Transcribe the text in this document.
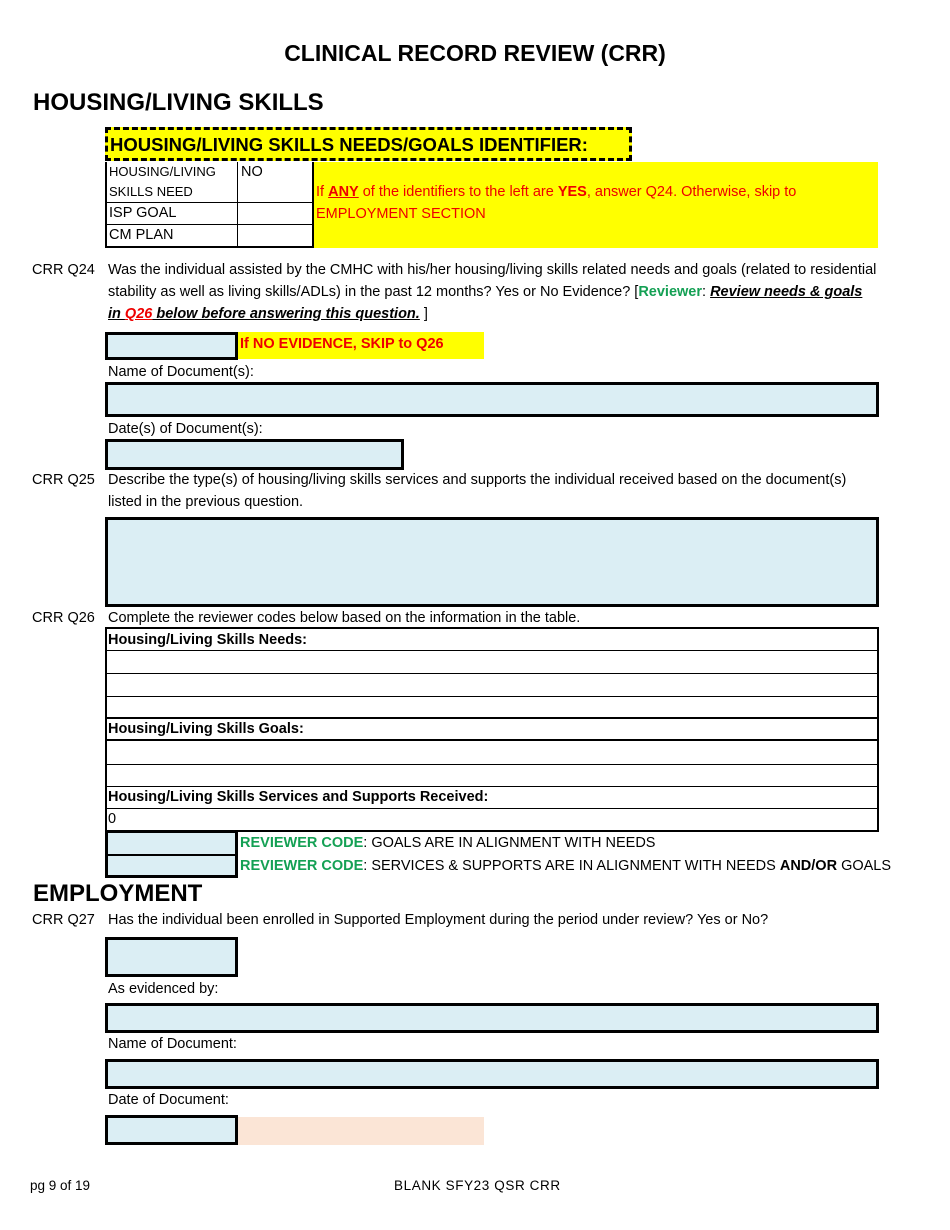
CLINICAL RECORD REVIEW (CRR)
HOUSING/LIVING SKILLS
HOUSING/LIVING SKILLS NEEDS/GOALS IDENTIFIER:
HOUSING/LIVING SKILLS NEED
NO
ISP GOAL
CM PLAN
If ANY of the identifiers to the left are YES, answer Q24. Otherwise, skip to EMPLOYMENT SECTION
CRR Q24 Was the individual assisted by the CMHC with his/her housing/living skills related needs and goals (related to residential stability as well as living skills/ADLs) in the past 12 months? Yes or No Evidence? [Reviewer: Review needs & goals in Q26 below before answering this question. ]
If NO EVIDENCE, SKIP to Q26
Name of Document(s):
Date(s) of Document(s):
CRR Q25 Describe the type(s) of housing/living skills services and supports the individual received based on the document(s) listed in the previous question.
CRR Q26 Complete the reviewer codes below based on the information in the table.
Housing/Living Skills Needs:
Housing/Living Skills Goals:
Housing/Living Skills Services and Supports Received:
0
REVIEWER CODE: GOALS ARE IN ALIGNMENT WITH NEEDS
REVIEWER CODE: SERVICES & SUPPORTS ARE IN ALIGNMENT WITH NEEDS AND/OR GOALS
EMPLOYMENT
CRR Q27 Has the individual been enrolled in Supported Employment during the period under review? Yes or No?
As evidenced by:
Name of Document:
Date of Document:
pg 9 of 19	BLANK SFY23 QSR CRR
